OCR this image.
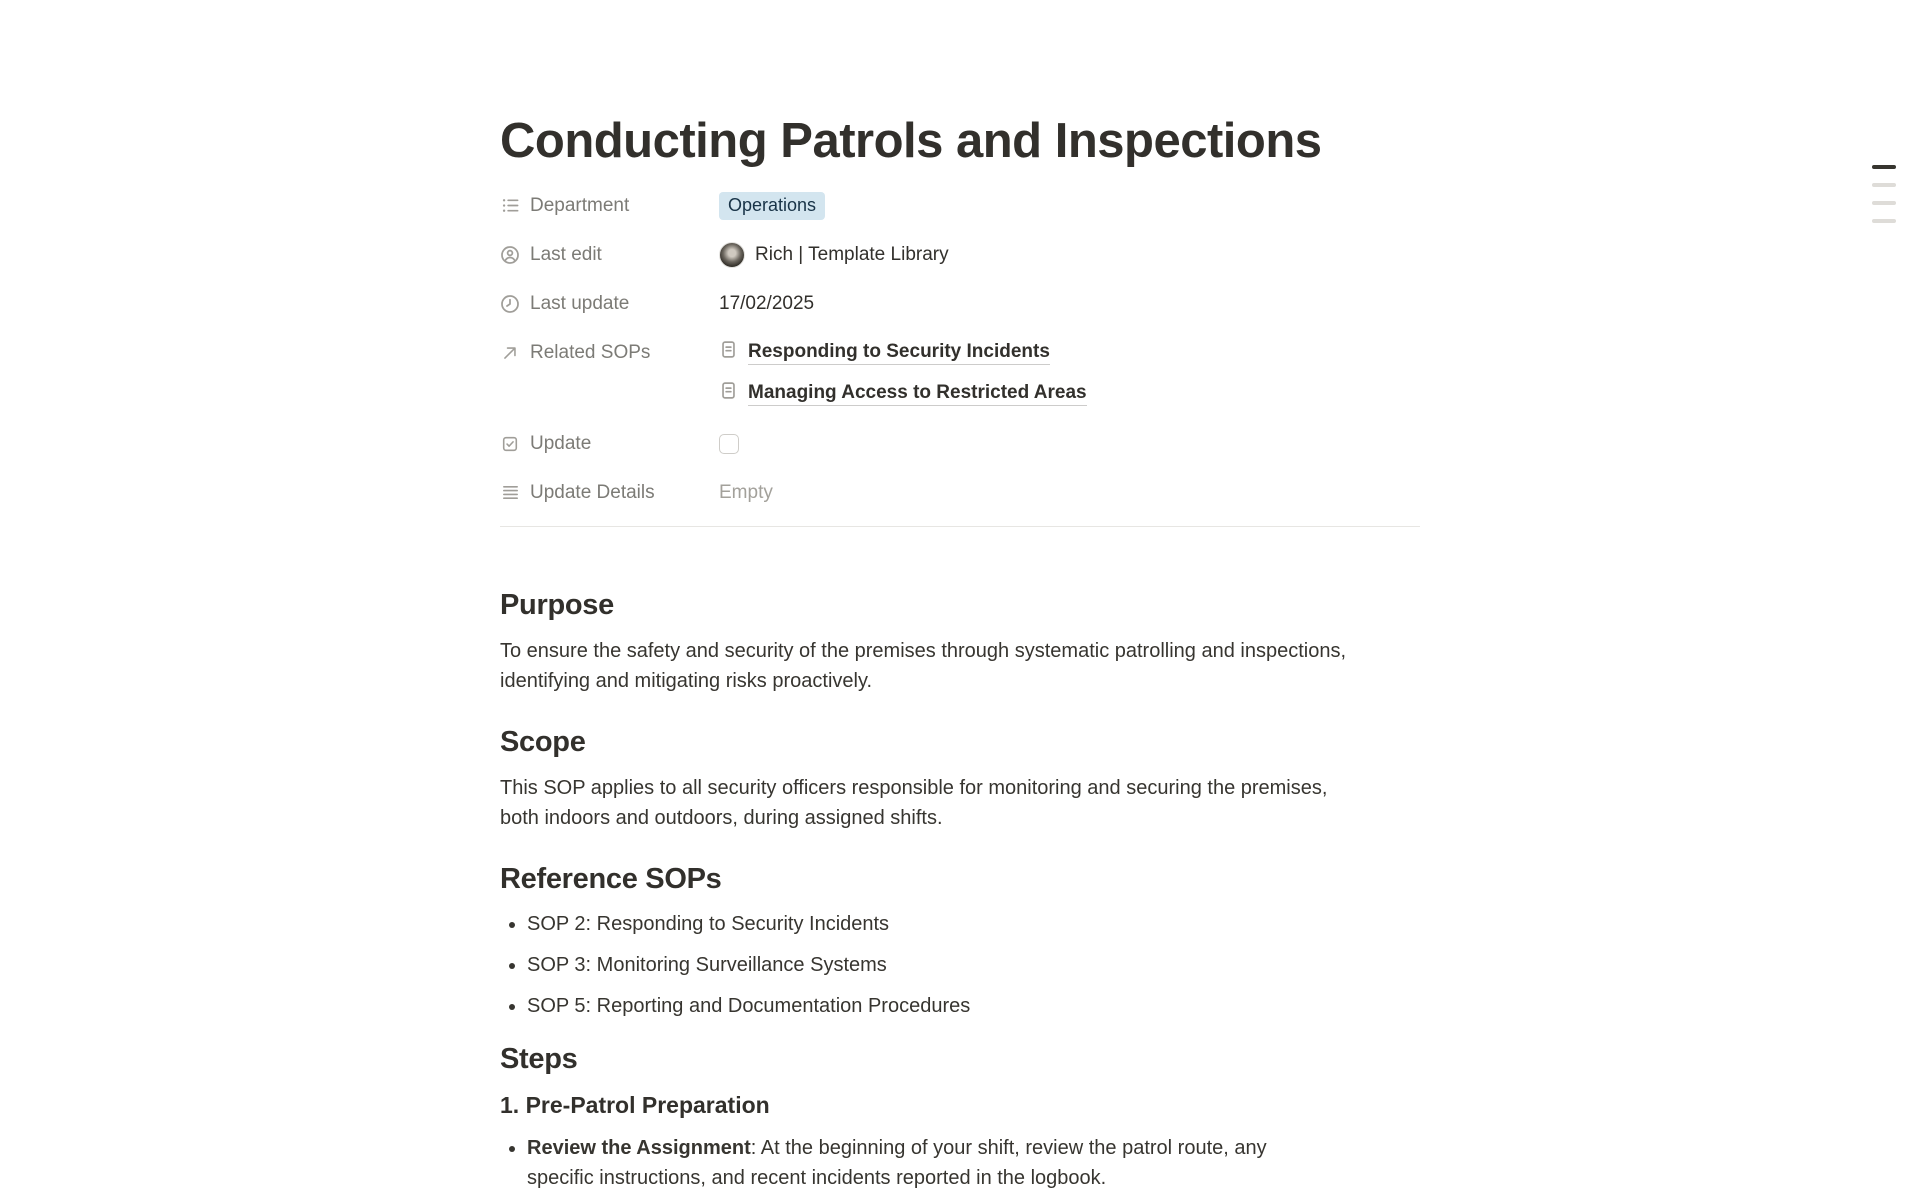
Conducting Patrols and Inspections
Department	Operations
Last edit	Rich | Template Library
Last update	17/02/2025
Related SOPs	Responding to Security Incidents
Managing Access to Restricted Areas
Update
Update Details	Empty
Purpose

To ensure the safety and security of the premises through systematic patrolling and inspections, identifying and mitigating risks proactively.

Scope

This SOP applies to all security officers responsible for monitoring and securing the premises, both indoors and outdoors, during assigned shifts.

Reference SOPs
• SOP 2: Responding to Security Incidents
• SOP 3: Monitoring Surveillance Systems
• SOP 5: Reporting and Documentation Procedures
Steps
1. Pre-Patrol Preparation
• Review the Assignment: At the beginning of your shift, review the patrol route, any specific instructions, and recent incidents reported in the logbook.
